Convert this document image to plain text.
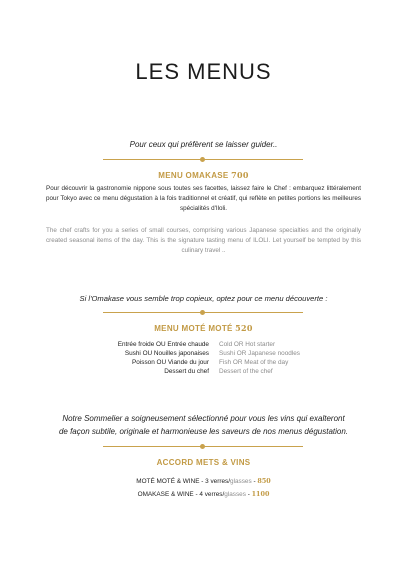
LES MENUS
Pour ceux qui préfèrent se laisser guider..
MENU OMAKASE 700
Pour découvrir la gastronomie nippone sous toutes ses facettes, laissez faire le Chef : embarquez littéralement pour Tokyo avec ce menu dégustation à la fois traditionnel et créatif, qui reflète en petites portions les meilleures spécialités d'Iloli.
The chef crafts for you a series of small courses, comprising various Japanese specialties and the originally created seasonal items of the day. This is the signature tasting menu of ILOLI. Let yourself be tempted by this culinary travel ..
Si l'Omakase vous semble trop copieux, optez pour ce menu découverte :
MENU MOTÉ MOTÉ 520
Entrée froide OU Entrée chaude	Cold OR Hot starter
Sushi OU Nouilles japonaises	Sushi OR Japanese noodles
Poisson OU Viande du jour	Fish OR Meat of the day
Dessert du chef	Dessert of the chef
Notre Sommelier a soigneusement sélectionné pour vous les vins qui exalteront
de façon subtile, originale et harmonieuse les saveurs de nos menus dégustation.
ACCORD METS & VINS
MOTÉ MOTÉ & WINE - 3 verres/glasses - 850
OMAKASE & WINE - 4 verres/glasses - 1100
